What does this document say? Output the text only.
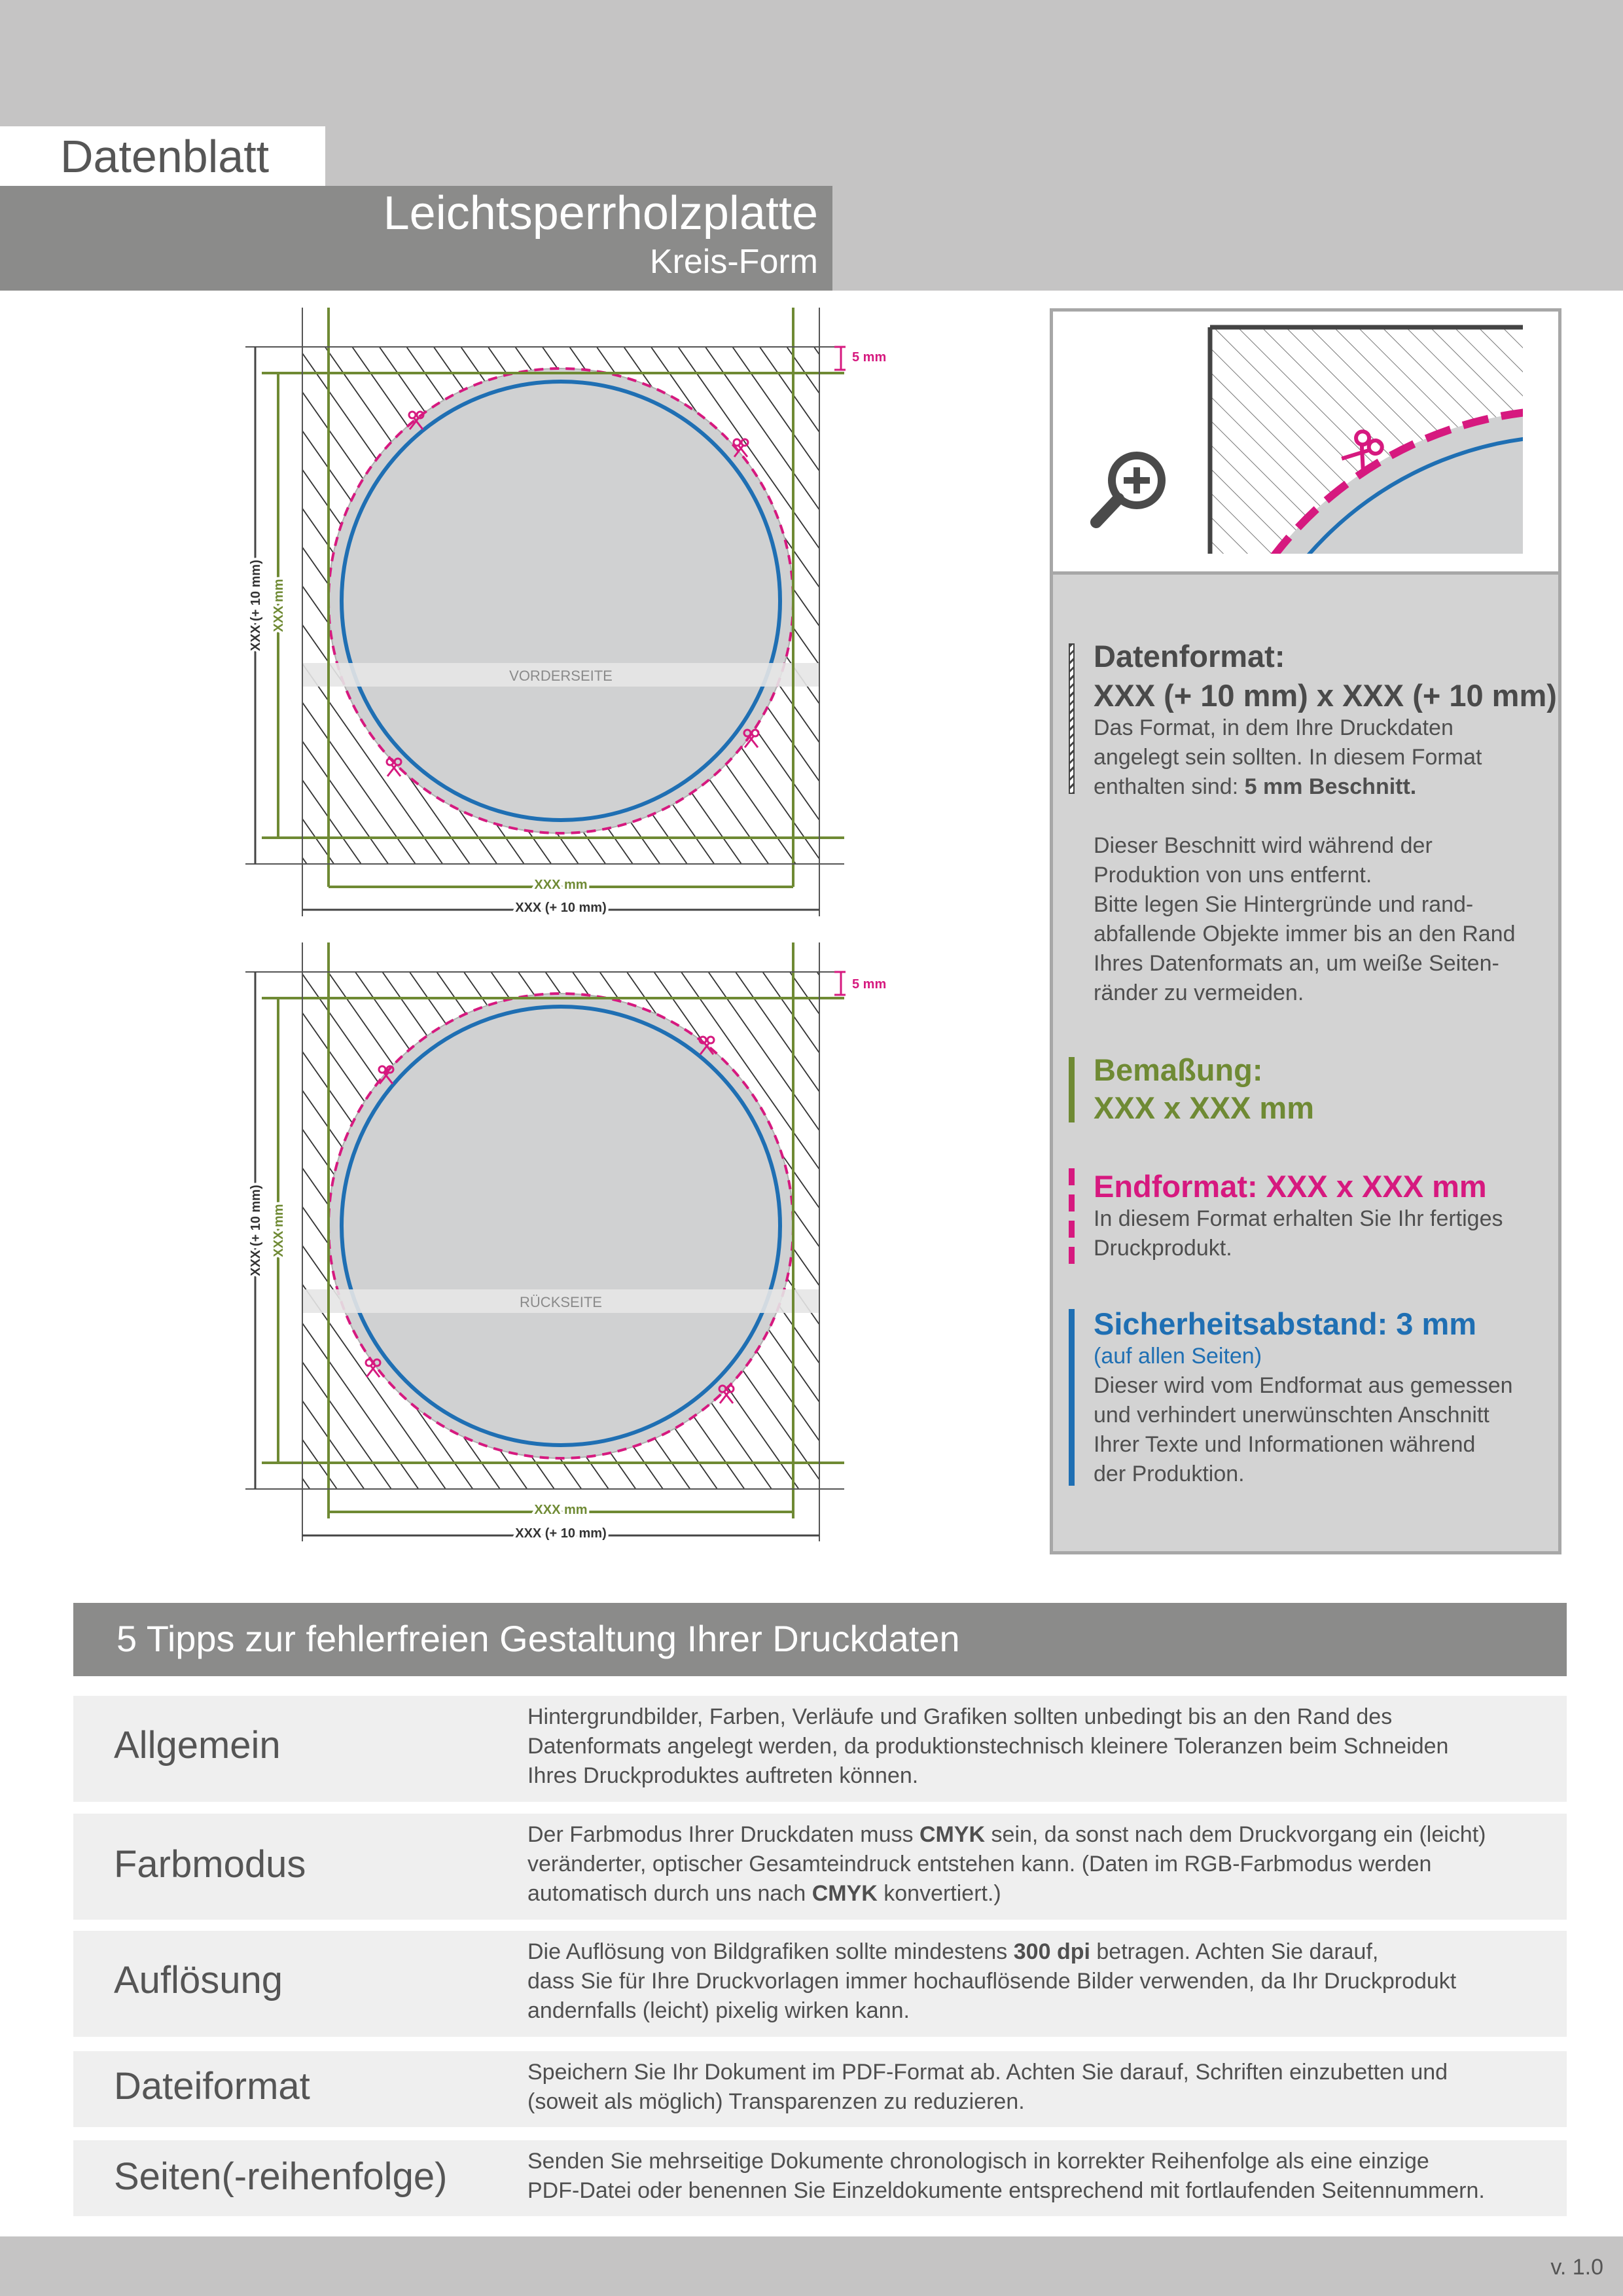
Datenblatt
Leichtsperrholzplatte
Kreis-Form
VORDERSEITE
5 mm
XXX mm
XXX (+ 10 mm)
XXX mm
XXX (+ 10 mm)
RÜCKSEITE
5 mm
XXX mm
XXX (+ 10 mm)
XXX mm
XXX (+ 10 mm)
Datenformat:
XXX (+ 10 mm) x XXX (+ 10 mm)
Das Format, in dem Ihre Druckdaten
angelegt sein sollten. In diesem Format
enthalten sind: 5 mm Beschnitt.
Dieser Beschnitt wird während der
Produktion von uns entfernt.
Bitte legen Sie Hintergründe und rand-
abfallende Objekte immer bis an den Rand
Ihres Datenformats an, um weiße Seiten-
ränder zu vermeiden.
Bemaßung:
XXX x XXX mm
Endformat: XXX x XXX mm
In diesem Format erhalten Sie Ihr fertiges
Druckprodukt.
Sicherheitsabstand: 3 mm
(auf allen Seiten)
Dieser wird vom Endformat aus gemessen
und verhindert unerwünschten Anschnitt
Ihrer Texte und Informationen während
der Produktion.
5 Tipps zur fehlerfreien Gestaltung Ihrer Druckdaten
Allgemein
Hintergrundbilder, Farben, Verläufe und Grafiken sollten unbedingt bis an den Rand des
Datenformats angelegt werden, da produktionstechnisch kleinere Toleranzen beim Schneiden
Ihres Druckproduktes auftreten können.
Farbmodus
Der Farbmodus Ihrer Druckdaten muss CMYK sein, da sonst nach dem Druckvorgang ein (leicht)
veränderter, optischer Gesamteindruck entstehen kann. (Daten im RGB-Farbmodus werden
automatisch durch uns nach CMYK konvertiert.)
Auflösung
Die Auflösung von Bildgrafiken sollte mindestens 300 dpi betragen. Achten Sie darauf,
dass Sie für Ihre Druckvorlagen immer hochauflösende Bilder verwenden, da Ihr Druckprodukt
andernfalls (leicht) pixelig wirken kann.
Dateiformat	Speichern Sie Ihr Dokument im PDF-Format ab. Achten Sie darauf, Schriften einzubetten und
(soweit als möglich) Transparenzen zu reduzieren.
Seiten(-reihenfolge)	Senden Sie mehrseitige Dokumente chronologisch in korrekter Reihenfolge als eine einzige
PDF-Datei oder benennen Sie Einzeldokumente entsprechend mit fortlaufenden Seitennummern.
v. 1.0
